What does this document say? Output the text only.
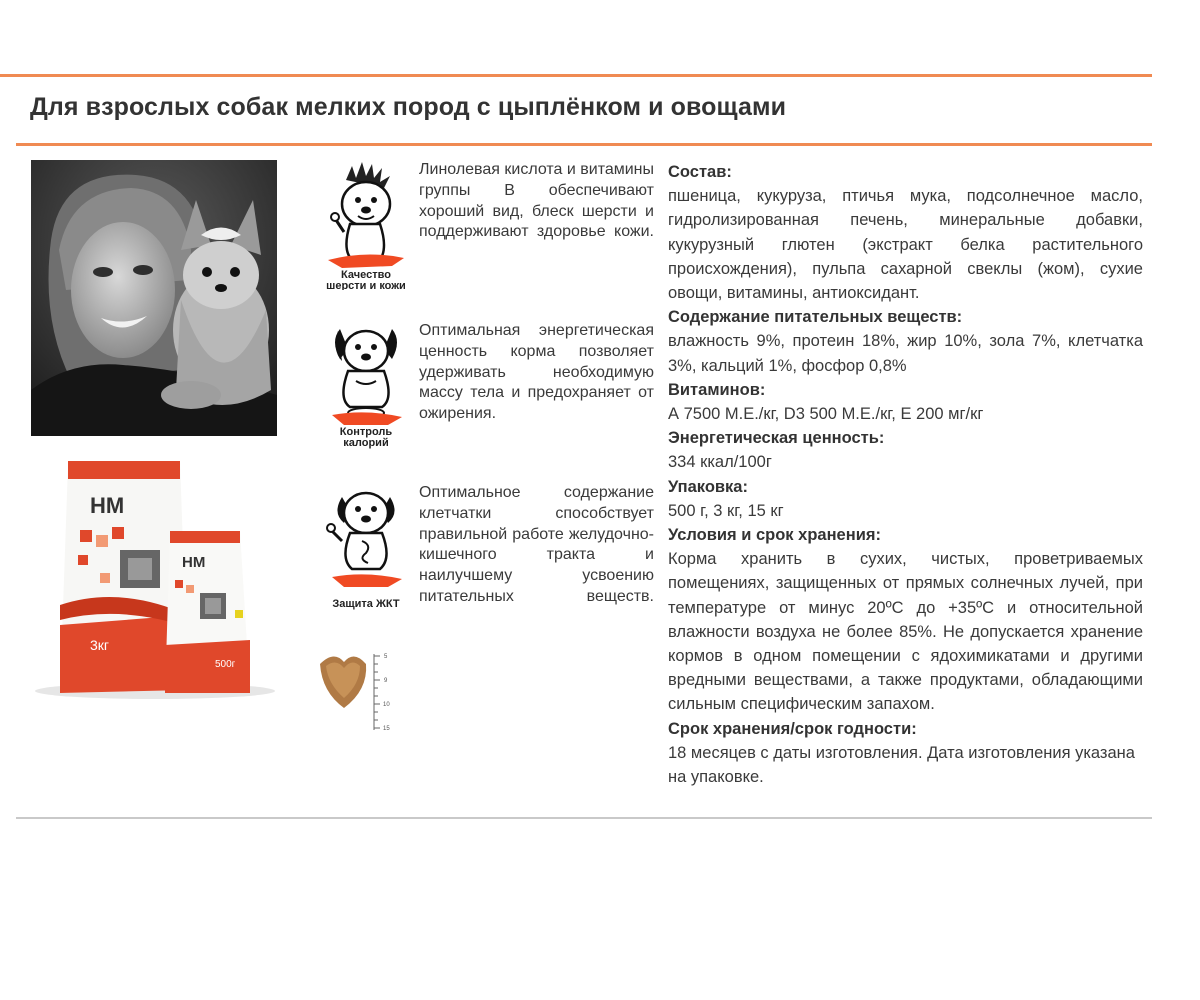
Для взрослых собак мелких пород с цыплёнком и овощами
HM
3кг
HM
500г
Качество
шерсти и кожи
Линолевая кислота и витамины группы В обеспечивают хороший вид, блеск шерсти и поддерживают здоровье кожи.
Контроль
калорий
Оптимальная энергетическая ценность корма позволяет удерживать необходимую массу тела и предохраняет от ожирения.
Защита ЖКТ
Оптимальное содержание клетчатки способствует правильной работе желудочно-кишечного тракта и наилучшему усвоению питательных веществ.
5
9
10
15
Состав:

пшеница, кукуруза, птичья мука, подсолнечное масло, гидролизированная печень, минеральные добавки, кукурузный глютен (экстракт белка растительного происхождения), пульпа сахарной свеклы (жом), сухие овощи, витамины, антиоксидант.

Содержание питательных веществ:

влажность 9%, протеин 18%, жир 10%, зола 7%, клетчатка 3%, кальций 1%, фосфор 0,8%

Витаминов:

А 7500 М.Е./кг, D3 500 М.Е./кг, Е 200 мг/кг

Энергетическая ценность:

334 ккал/100г

Упаковка:

500 г, 3 кг, 15 кг

Условия и срок хранения:

Корма хранить в сухих, чистых, проветриваемых помещениях, защищенных от прямых солнечных лучей, при температуре от минус 20ºС до +35ºС и относительной влажности воздуха не более 85%. Не допускается хранение кормов в одном помещении с ядохимикатами и другими вредными веществами, а также продуктами, обладающими сильным специфическим запахом.

Срок хранения/срок годности:

18 месяцев с даты изготовления. Дата изготовления указана на упаковке.
